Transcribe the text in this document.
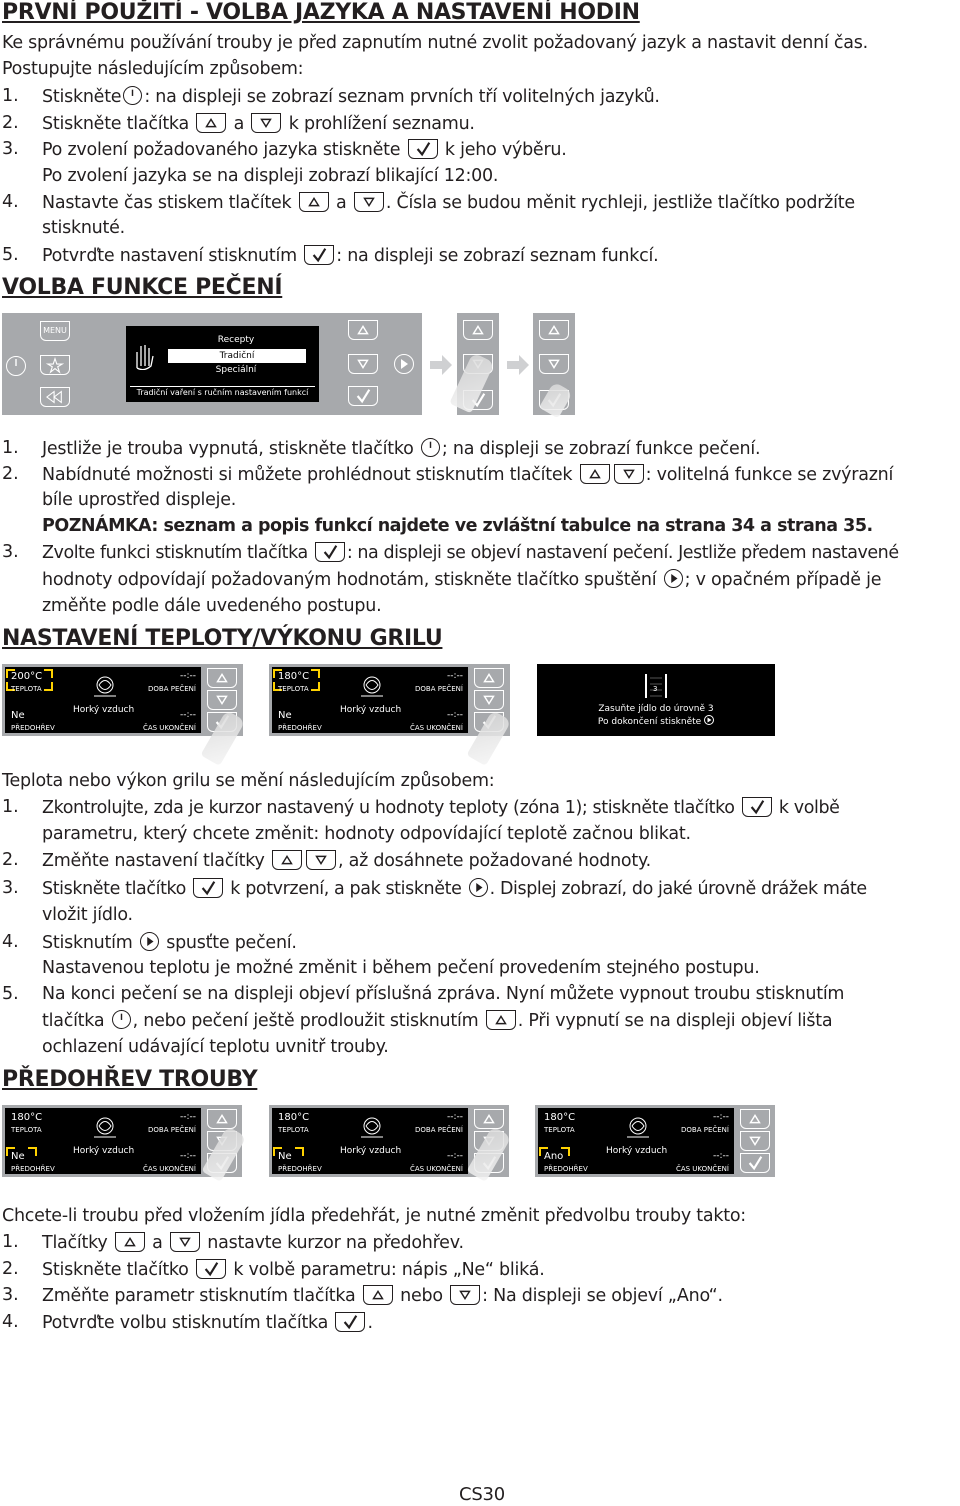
PRVNÍ POUŽITÍ - VOLBA JAZYKA A NASTAVENÍ HODIN
Ke správnému používání trouby je před zapnutím nutné zvolit požadovaný jazyk a nastavit denní čas.
Postupujte následujícím způsobem:
1. Stiskněte : na displeji se zobrazí seznam prvních tří volitelných jazyků.
2. Stiskněte tlačítka	a	k prohlížení seznamu.
3. Po zvolení požadovaného jazyka stiskněte	k jeho výběru.
Po zvolení jazyka se na displeji zobrazí blikající 12:00.
4. Nastavte čas stiskem tlačítek	a . Čísla se budou měnit rychleji, jestliže tlačítko podržíte
stisknuté.
5. Potvrďte nastavení stisknutím : na displeji se zobrazí seznam funkcí.
VOLBA FUNKCE PEČENÍ
MENU
Recepty
Tradiční
Speciální
Tradiční vaření s ručním nastavením funkcí
1. Jestliže je trouba vypnutá, stiskněte tlačítko ; na displeji se zobrazí funkce pečení.
2. Nabídnuté možnosti si můžete prohlédnout stisknutím tlačítek	: volitelná funkce se zvýrazní
bíle uprostřed displeje.
POZNÁMKA: seznam a popis funkcí najdete ve zvláštní tabulce na strana 34 a strana 35.
3. Zvolte funkci stisknutím tlačítka : na displeji se objeví nastavení pečení. Jestliže předem nastavené
hodnoty odpovídají požadovaným hodnotám, stiskněte tlačítko spuštění ; v opačném případě je
změňte podle dále uvedeného postupu.
NASTAVENÍ TEPLOTY/VÝKONU GRILU
200°C
TEPLOTA
--:--
DOBA PEČENÍ
Ne
PŘEDOHŘEV
Horký vzduch	--:--
ČAS UKONČENÍ
180°C
TEPLOTA
--:--
DOBA PEČENÍ
Ne
PŘEDOHŘEV
Horký vzduch	--:--
ČAS UKONČENÍ
3
Zasuňte jídlo do úrovně 3
Po dokončení stiskněte
Teplota nebo výkon grilu se mění následujícím způsobem:
1. Zkontrolujte, zda je kurzor nastavený u hodnoty teploty (zóna 1); stiskněte tlačítko	k volbě
parametru, který chcete změnit: hodnoty odpovídající teplotě začnou blikat.
2. Změňte nastavení tlačítky	, až dosáhnete požadované hodnoty.
3. Stiskněte tlačítko	k potvrzení, a pak stiskněte . Displej zobrazí, do jaké úrovně drážek máte
vložit jídlo.
4. Stisknutím spusťte pečení.
Nastavenou teplotu je možné změnit i během pečení provedením stejného postupu.
5. Na konci pečení se na displeji objeví příslušná zpráva. Nyní můžete vypnout troubu stisknutím
tlačítka , nebo pečení ještě prodloužit stisknutím . Při vypnutí se na displeji objeví lišta
ochlazení udávající teplotu uvnitř trouby.
PŘEDOHŘEV TROUBY
180°C
TEPLOTA
--:--
DOBA PEČENÍ
Ne
PŘEDOHŘEV
Horký vzduch	--:--
ČAS UKONČENÍ
180°C
TEPLOTA
--:--
DOBA PEČENÍ
Ne
PŘEDOHŘEV
Horký vzduch	--:--
ČAS UKONČENÍ
180°C
TEPLOTA
--:--
DOBA PEČENÍ
Ano
PŘEDOHŘEV
Horký vzduch	--:--
ČAS UKONČENÍ
Chcete-li troubu před vložením jídla předehřát, je nutné změnit předvolbu trouby takto:
1. Tlačítky	a	nastavte kurzor na předohřev.
2. Stiskněte tlačítko	k volbě parametru: nápis „Ne“ bliká.
3. Změňte parametr stisknutím tlačítka	nebo : Na displeji se objeví „Ano“.
4. Potvrďte volbu stisknutím tlačítka .
CS30
